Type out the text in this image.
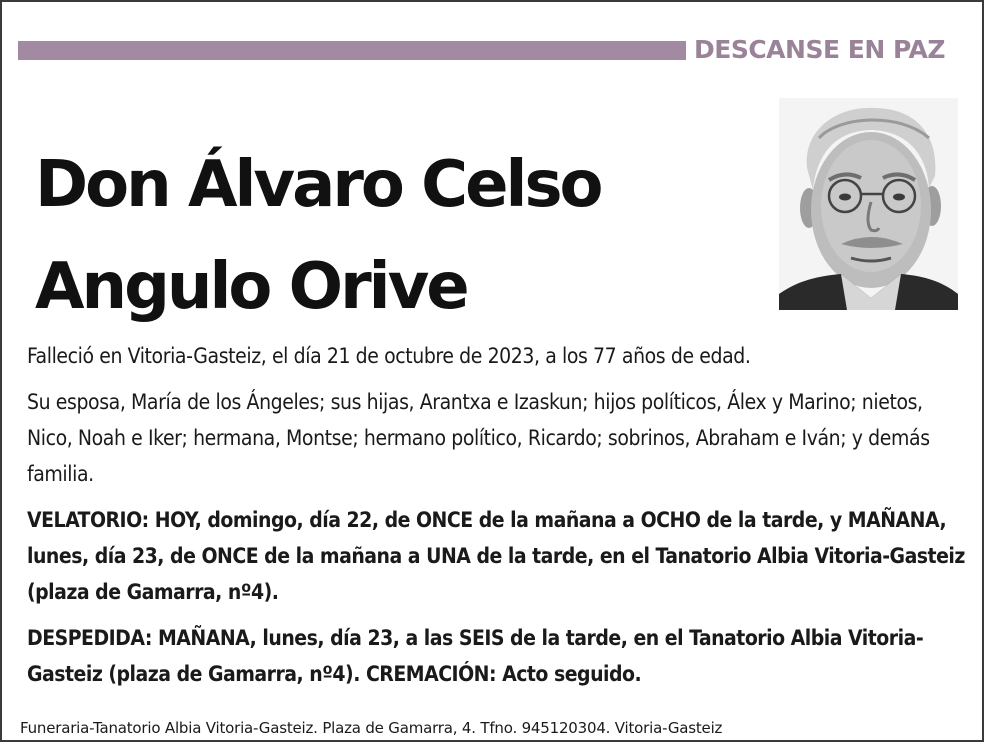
DESCANSE EN PAZ
Don Álvaro Celso
Angulo Orive

Falleció en Vitoria-Gasteiz, el día 21 de octubre de 2023, a los 77 años de edad.

Su esposa, María de los Ángeles; sus hijas, Arantxa e Izaskun; hijos políticos, Álex y Marino; nietos, Nico, Noah e Iker; hermana, Montse; hermano político, Ricardo; sobrinos, Abraham e Iván; y demás familia.

VELATORIO: HOY, domingo, día 22, de ONCE de la mañana a OCHO de la tarde, y MAÑANA, lunes, día 23, de ONCE de la mañana a UNA de la tarde, en el Tanatorio Albia Vitoria-Gasteiz (plaza de Gamarra, nº4).

DESPEDIDA: MAÑANA, lunes, día 23, a las SEIS de la tarde, en el Tanatorio Albia Vitoria-Gasteiz (plaza de Gamarra, nº4). CREMACIÓN: Acto seguido.

Funeraria-Tanatorio Albia Vitoria-Gasteiz. Plaza de Gamarra, 4. Tfno. 945120304. Vitoria-Gasteiz
